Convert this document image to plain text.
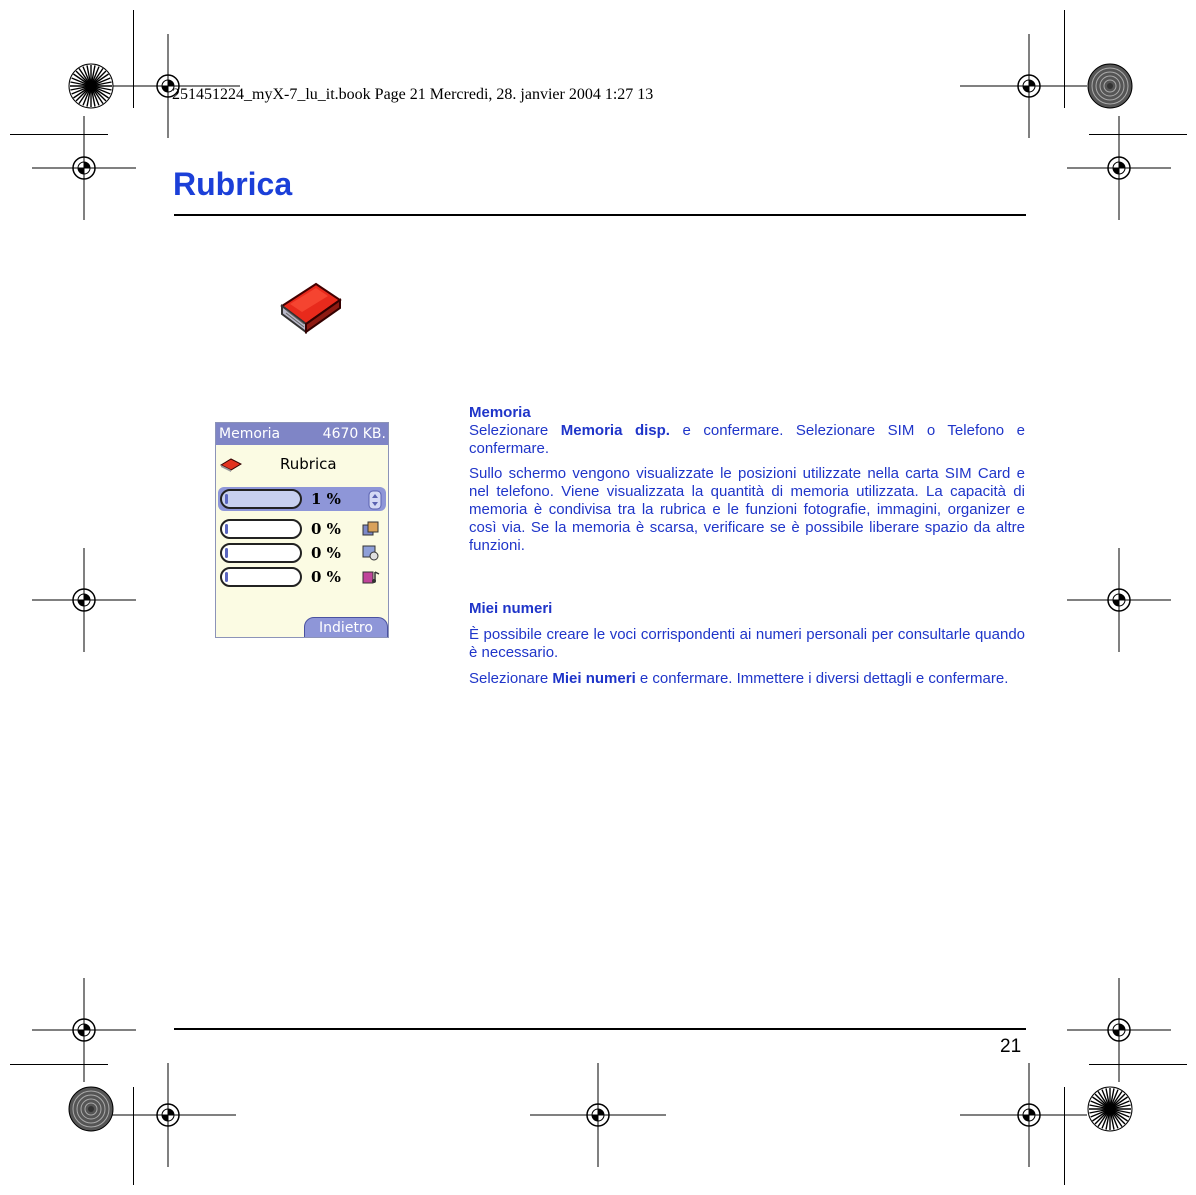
251451224_myX-7_lu_it.book Page 21 Mercredi, 28. janvier 2004 1:27 13
Rubrica
Memoria	4670 KB.
Rubrica
1 %
0 %
0 %
0 %
Indietro
Memoria
Selezionare Memoria disp. e confermare. Selezionare SIM o Telefono e confermare.
Sullo schermo vengono visualizzate le posizioni utilizzate nella carta SIM Card e nel telefono. Viene visualizzata la quantità di memoria utilizzata. La capacità di memoria è condivisa tra la rubrica e le funzioni fotografie, immagini, organizer e così via. Se la memoria è scarsa, verificare se è possibile liberare spazio da altre funzioni.
Miei numeri
È possibile creare le voci corrispondenti ai numeri personali per consultarle quando è necessario.
Selezionare Miei numeri e confermare. Immettere i diversi dettagli e confermare.
21
